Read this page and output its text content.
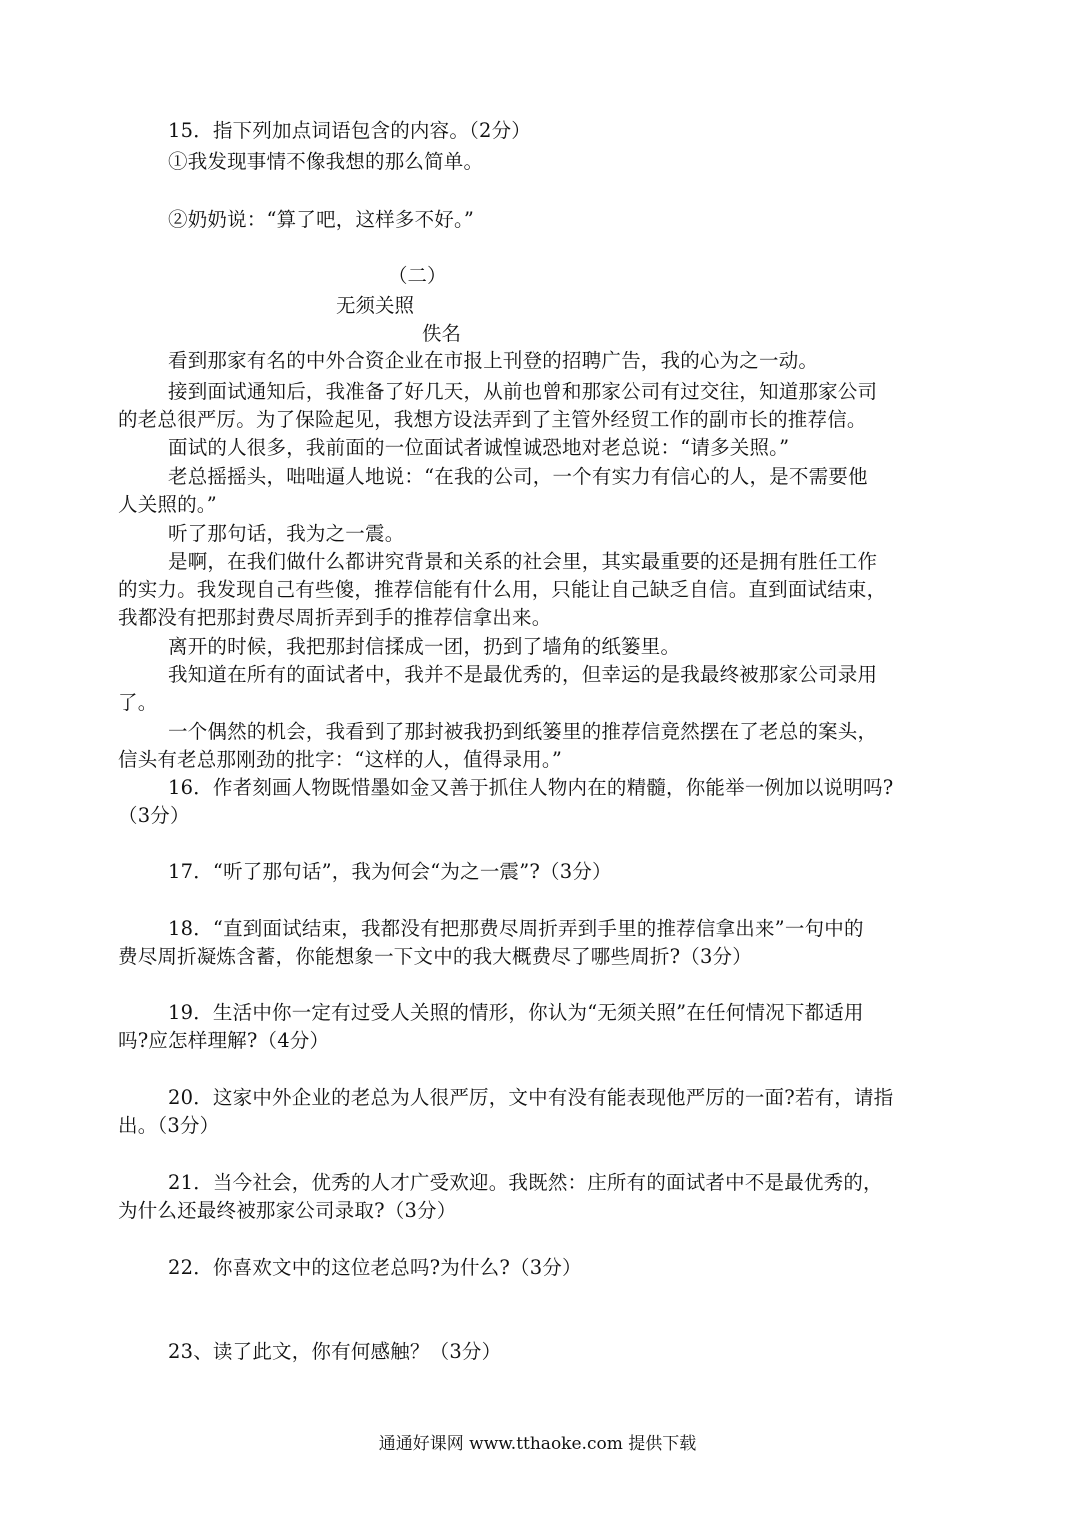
15．指下列加点词语包含的内容。（2分）
①我发现事情不像我想的那么简单。
②奶奶说：“算了吧，这样多不好。”
（二）
无须关照
佚名
看到那家有名的中外合资企业在市报上刊登的招聘广告，我的心为之一动。
接到面试通知后，我准备了好几天，从前也曾和那家公司有过交往，知道那家公司
的老总很严厉。为了保险起见，我想方设法弄到了主管外经贸工作的副市长的推荐信。
面试的人很多，我前面的一位面试者诚惶诚恐地对老总说：“请多关照。”
老总摇摇头，咄咄逼人地说：“在我的公司，一个有实力有信心的人，是不需要他
人关照的。”
听了那句话，我为之一震。
是啊，在我们做什么都讲究背景和关系的社会里，其实最重要的还是拥有胜任工作
的实力。我发现自己有些傻，推荐信能有什么用，只能让自己缺乏自信。直到面试结束，
我都没有把那封费尽周折弄到手的推荐信拿出来。
离开的时候，我把那封信揉成一团，扔到了墙角的纸篓里。
我知道在所有的面试者中，我并不是最优秀的，但幸运的是我最终被那家公司录用
了。
一个偶然的机会，我看到了那封被我扔到纸篓里的推荐信竟然摆在了老总的案头，
信头有老总那刚劲的批字：“这样的人，值得录用。”
16．作者刻画人物既惜墨如金又善于抓住人物内在的精髓，你能举一例加以说明吗?
（3分）
17．“听了那句话”，我为何会“为之一震”?（3分）
18．“直到面试结束，我都没有把那费尽周折弄到手里的推荐信拿出来”一句中的
费尽周折凝炼含蓄，你能想象一下文中的我大概费尽了哪些周折?（3分）
19．生活中你一定有过受人关照的情形，你认为“无须关照”在任何情况下都适用
吗?应怎样理解?（4分）
20．这家中外企业的老总为人很严厉，文中有没有能表现他严厉的一面?若有，请指
出。（3分）
21．当今社会，优秀的人才广受欢迎。我既然：庄所有的面试者中不是最优秀的，
为什么还最终被那家公司录取?（3分）
22．你喜欢文中的这位老总吗?为什么?（3分）
23、读了此文，你有何感触？（3分）
通通好课网 www.tthaoke.com 提供下载
